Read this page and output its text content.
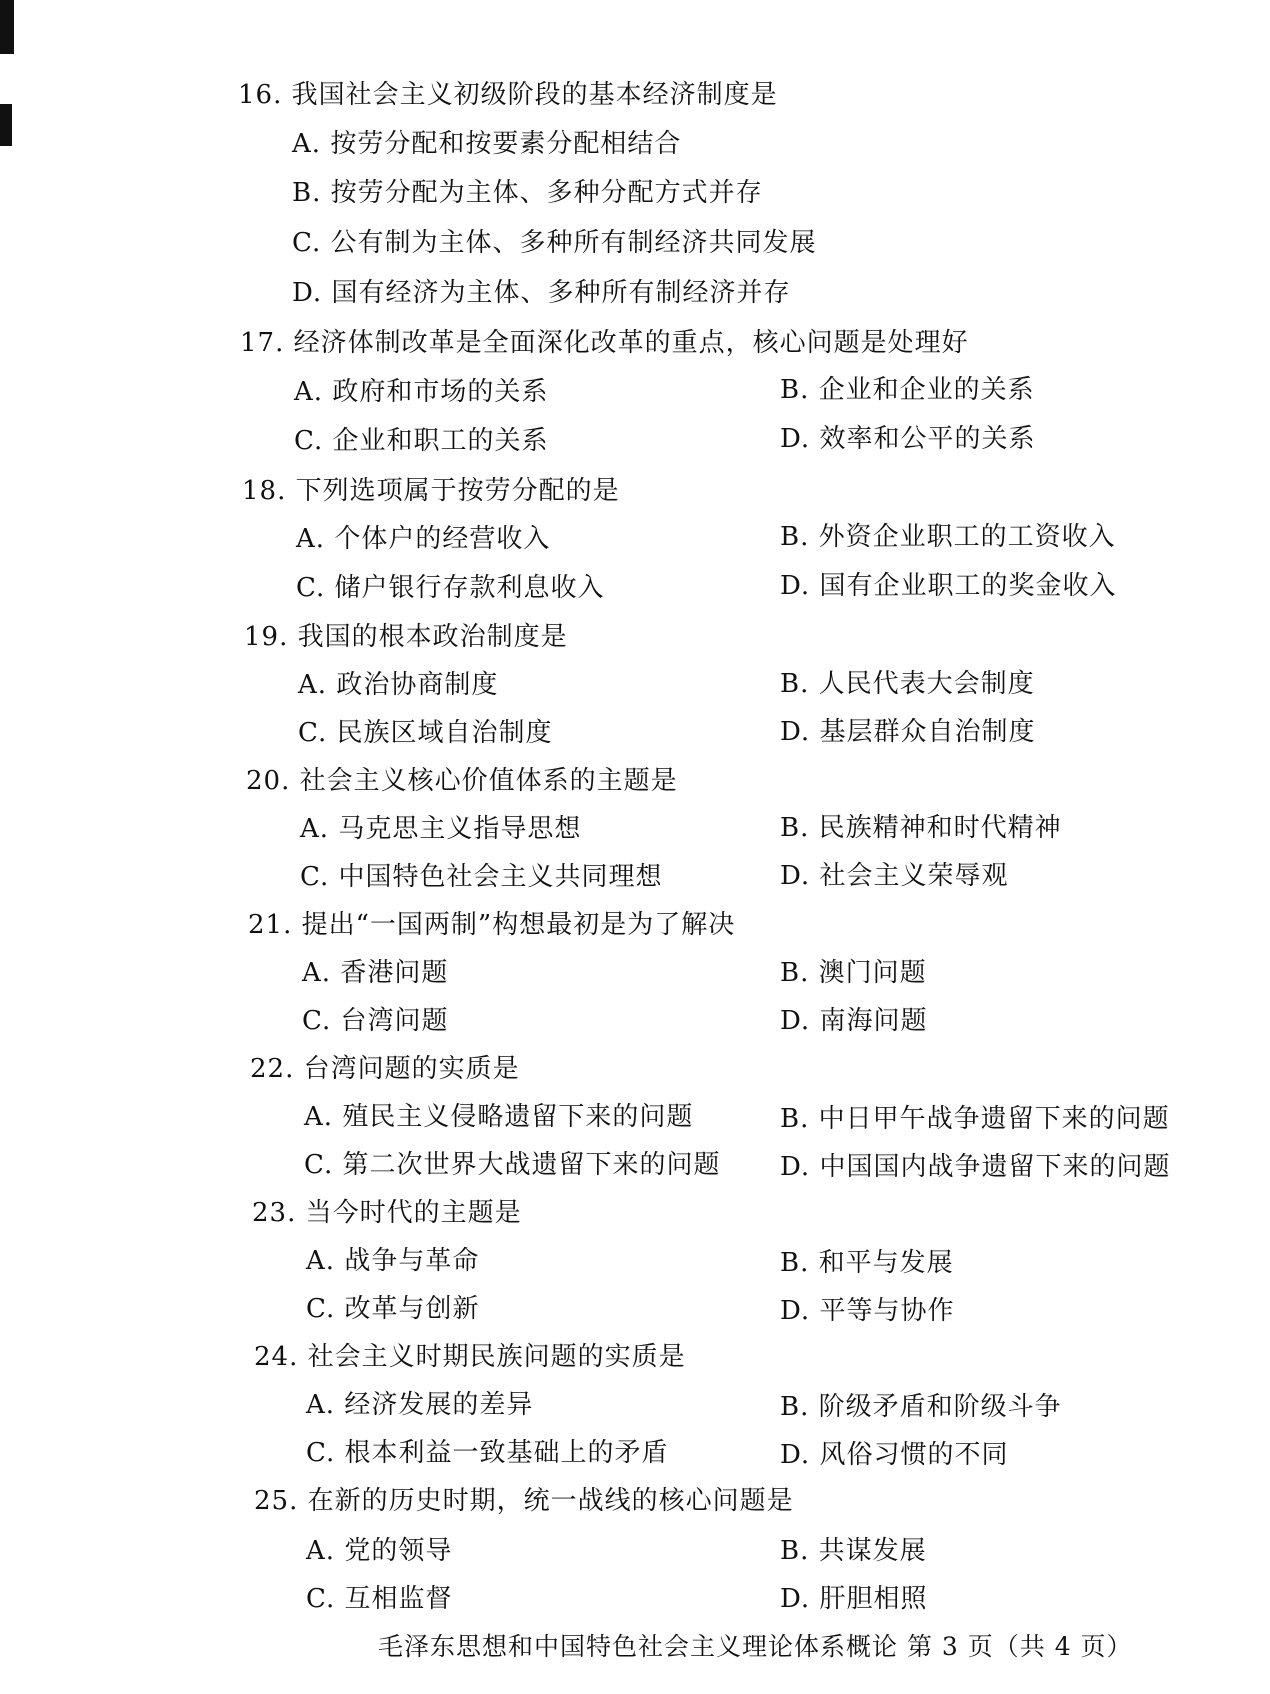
16. 我国社会主义初级阶段的基本经济制度是
A. 按劳分配和按要素分配相结合
B. 按劳分配为主体、多种分配方式并存
C. 公有制为主体、多种所有制经济共同发展
D. 国有经济为主体、多种所有制经济并存
17. 经济体制改革是全面深化改革的重点，核心问题是处理好
A. 政府和市场的关系	B. 企业和企业的关系
C. 企业和职工的关系	D. 效率和公平的关系
18. 下列选项属于按劳分配的是
A. 个体户的经营收入	B. 外资企业职工的工资收入
C. 储户银行存款利息收入	D. 国有企业职工的奖金收入
19. 我国的根本政治制度是
A. 政治协商制度	B. 人民代表大会制度
C. 民族区域自治制度	D. 基层群众自治制度
20. 社会主义核心价值体系的主题是
A. 马克思主义指导思想	B. 民族精神和时代精神
C. 中国特色社会主义共同理想	D. 社会主义荣辱观
21. 提出“一国两制”构想最初是为了解决
A. 香港问题	B. 澳门问题
C. 台湾问题	D. 南海问题
22. 台湾问题的实质是
A. 殖民主义侵略遗留下来的问题	B. 中日甲午战争遗留下来的问题
C. 第二次世界大战遗留下来的问题 D. 中国国内战争遗留下来的问题
23. 当今时代的主题是
A. 战争与革命	B. 和平与发展
C. 改革与创新	D. 平等与协作
24. 社会主义时期民族问题的实质是
A. 经济发展的差异	B. 阶级矛盾和阶级斗争
C. 根本利益一致基础上的矛盾	D. 风俗习惯的不同
25. 在新的历史时期，统一战线的核心问题是
A. 党的领导	B. 共谋发展
C. 互相监督	D. 肝胆相照
毛泽东思想和中国特色社会主义理论体系概论 第 3 页（共 4 页）
